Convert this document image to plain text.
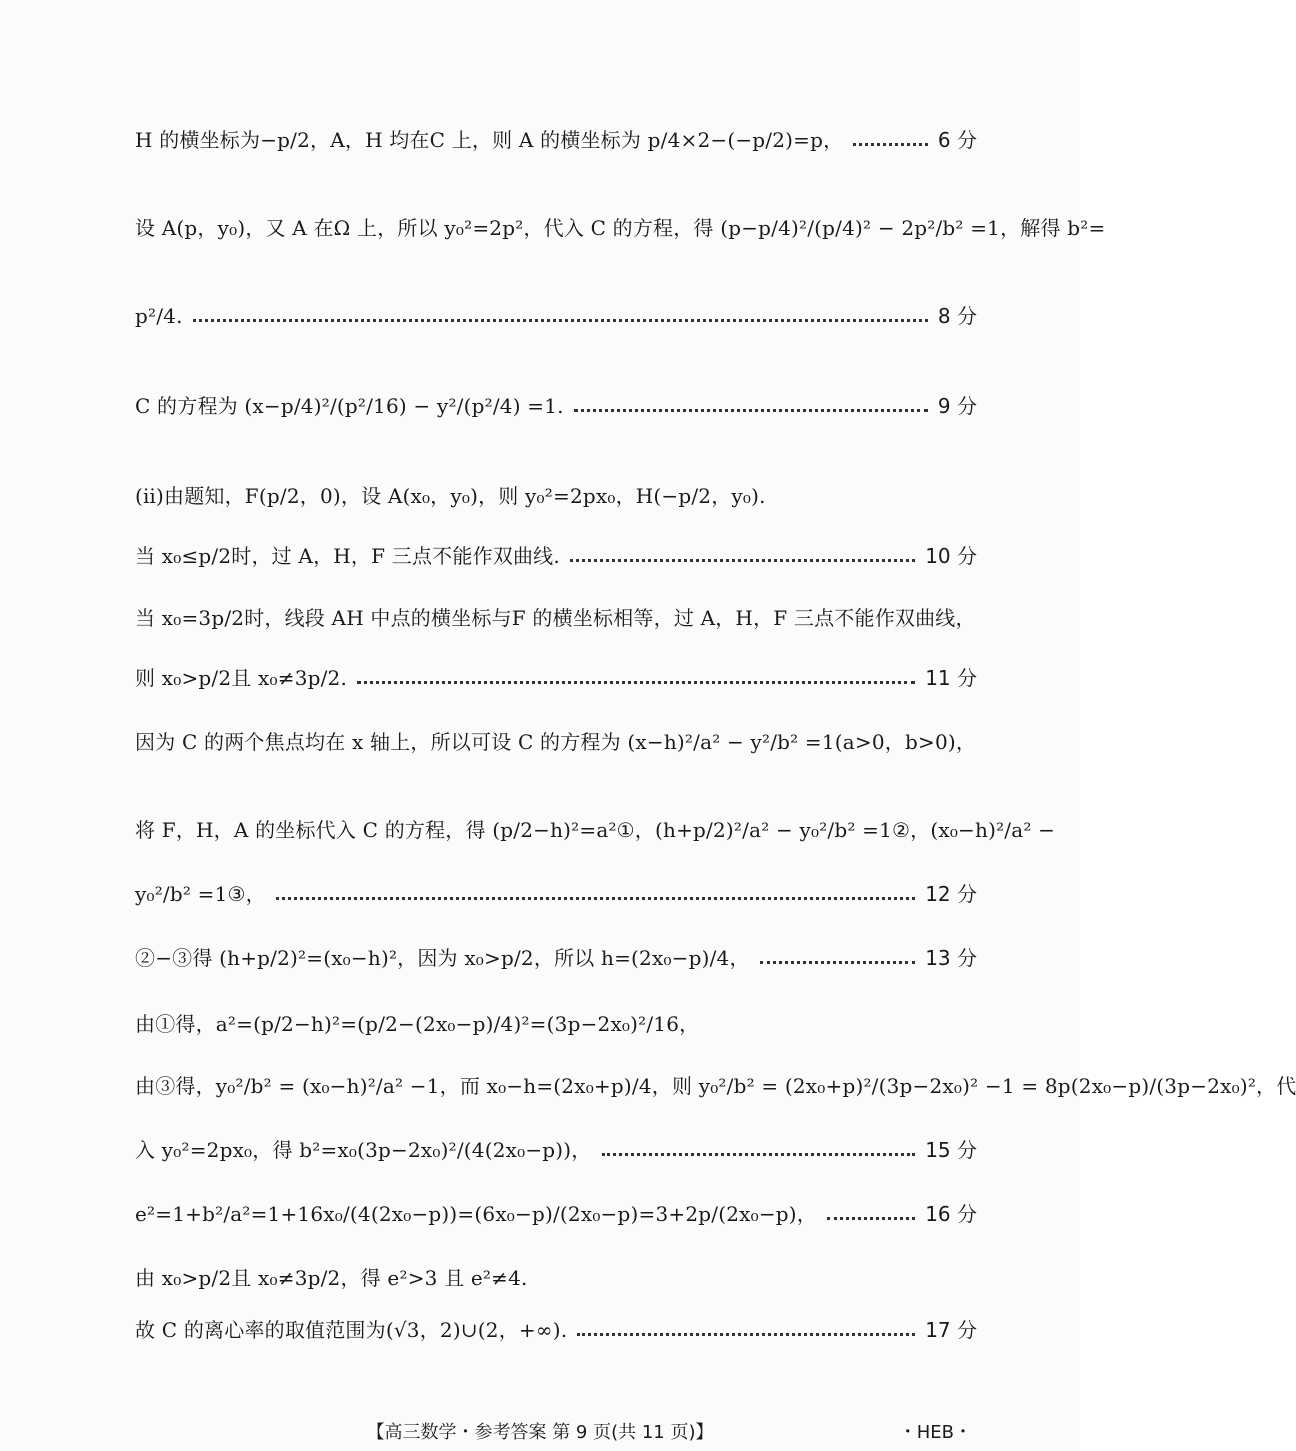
H 的横坐标为−p/2，A，H 均在C 上，则 A 的横坐标为 p/4×2−(−p/2)=p，	6 分
设 A(p，y₀)，又 A 在Ω 上，所以 y₀²=2p²，代入 C 的方程，得 (p−p/4)²/(p/4)² − 2p²/b² =1，解得 b²=
p²/4.	8 分
C 的方程为 (x−p/4)²/(p²/16) − y²/(p²/4) =1.	9 分
(ⅱ)由题知，F(p/2，0)，设 A(x₀，y₀)，则 y₀²=2px₀，H(−p/2，y₀).
当 x₀≤p/2时，过 A，H，F 三点不能作双曲线.	10 分
当 x₀=3p/2时，线段 AH 中点的横坐标与F 的横坐标相等，过 A，H，F 三点不能作双曲线，
则 x₀>p/2且 x₀≠3p/2.	11 分
因为 C 的两个焦点均在 x 轴上，所以可设 C 的方程为 (x−h)²/a² − y²/b² =1(a>0，b>0)，
将 F，H，A 的坐标代入 C 的方程，得 (p/2−h)²=a²①，(h+p/2)²/a² − y₀²/b² =1②，(x₀−h)²/a² −
y₀²/b² =1③，	12 分
②−③得 (h+p/2)²=(x₀−h)²，因为 x₀>p/2，所以 h=(2x₀−p)/4，	13 分
由①得，a²=(p/2−h)²=(p/2−(2x₀−p)/4)²=(3p−2x₀)²/16，
由③得，y₀²/b² = (x₀−h)²/a² −1，而 x₀−h=(2x₀+p)/4，则 y₀²/b² = (2x₀+p)²/(3p−2x₀)² −1 = 8p(2x₀−p)/(3p−2x₀)²，代
入 y₀²=2px₀，得 b²=x₀(3p−2x₀)²/(4(2x₀−p))，	15 分
e²=1+b²/a²=1+16x₀/(4(2x₀−p))=(6x₀−p)/(2x₀−p)=3+2p/(2x₀−p)，	16 分
由 x₀>p/2且 x₀≠3p/2，得 e²>3 且 e²≠4.
故 C 的离心率的取值范围为(√3，2)∪(2，+∞).	17 分
【高三数学・参考答案 第 9 页(共 11 页)】	・HEB・
